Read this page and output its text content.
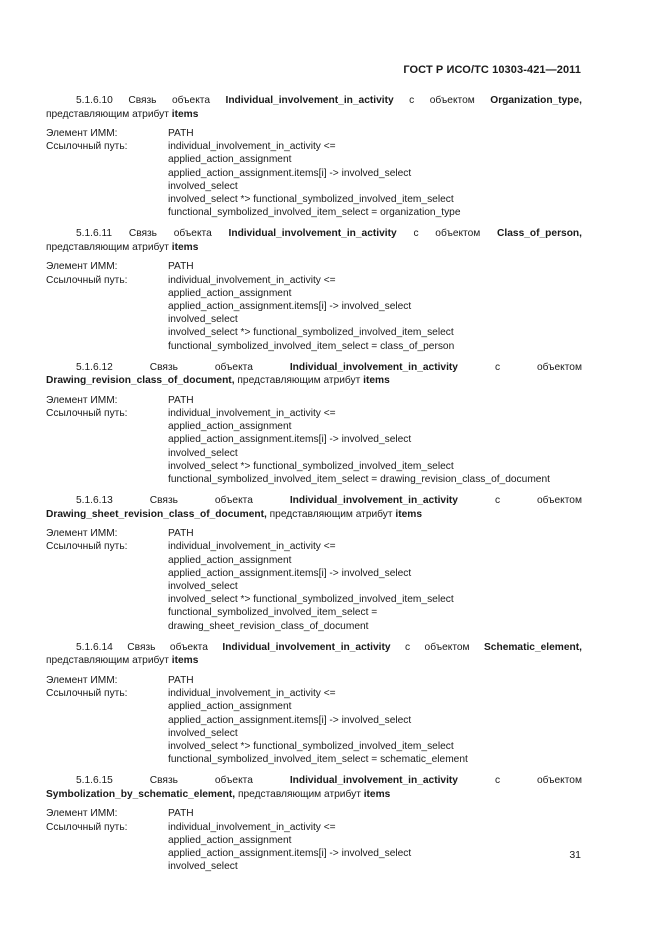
ГОСТ Р ИСО/ТС 10303-421—2011
5.1.6.10 Связь объекта Individual_involvement_in_activity с объектом Organization_type, представляющим атрибут items
Элемент ИММ:	PATH
Ссылочный путь:	individual_involvement_in_activity <=
applied_action_assignment
applied_action_assignment.items[i] -> involved_select
involved_select
involved_select *> functional_symbolized_involved_item_select
functional_symbolized_involved_item_select = organization_type
5.1.6.11 Связь объекта Individual_involvement_in_activity с объектом Class_of_person, представляющим атрибут items
Элемент ИММ:	PATH
Ссылочный путь:	individual_involvement_in_activity <=
applied_action_assignment
applied_action_assignment.items[i] -> involved_select
involved_select
involved_select *> functional_symbolized_involved_item_select
functional_symbolized_involved_item_select = class_of_person
5.1.6.12	Связь объекта	Individual_involvement_in_activity	с объектом Drawing_revision_class_of_document, представляющим атрибут items
Элемент ИММ:	PATH
Ссылочный путь:	individual_involvement_in_activity <=
applied_action_assignment
applied_action_assignment.items[i] -> involved_select
involved_select
involved_select *> functional_symbolized_involved_item_select
functional_symbolized_involved_item_select = drawing_revision_class_of_document
5.1.6.13	Связь объекта	Individual_involvement_in_activity	с объектом Drawing_sheet_revision_class_of_document, представляющим атрибут items
Элемент ИММ:	PATH
Ссылочный путь:	individual_involvement_in_activity <=
applied_action_assignment
applied_action_assignment.items[i] -> involved_select
involved_select
involved_select *> functional_symbolized_involved_item_select
functional_symbolized_involved_item_select =
drawing_sheet_revision_class_of_document
5.1.6.14 Связь объекта Individual_involvement_in_activity с объектом Schematic_element, представляющим атрибут items
Элемент ИММ:	PATH
Ссылочный путь:	individual_involvement_in_activity <=
applied_action_assignment
applied_action_assignment.items[i] -> involved_select
involved_select
involved_select *> functional_symbolized_involved_item_select
functional_symbolized_involved_item_select = schematic_element
5.1.6.15	Связь объекта	Individual_involvement_in_activity	с объектом Symbolization_by_schematic_element, представляющим атрибут items
Элемент ИММ:	PATH
Ссылочный путь:	individual_involvement_in_activity <=
applied_action_assignment
applied_action_assignment.items[i] -> involved_select
involved_select
31
